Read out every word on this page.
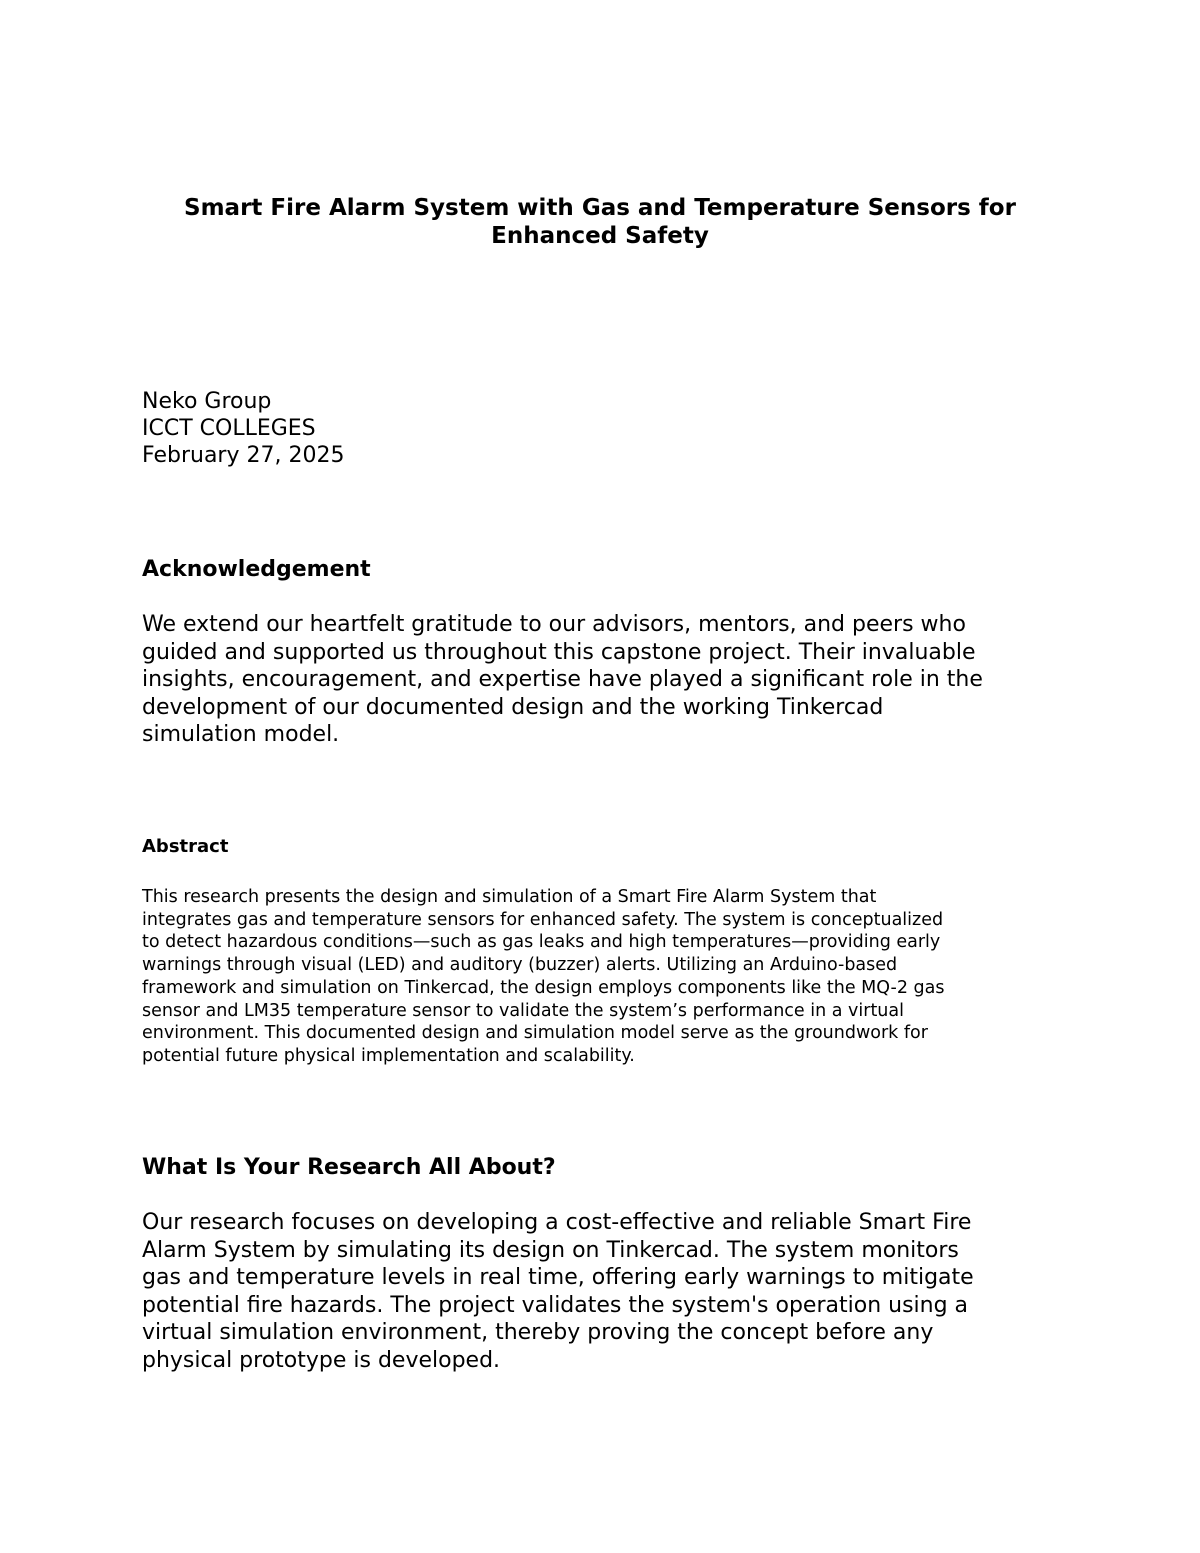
Smart Fire Alarm System with Gas and Temperature Sensors for
Enhanced Safety
Neko Group
ICCT COLLEGES
February 27, 2025
Acknowledgement
We extend our heartfelt gratitude to our advisors, mentors, and peers who
guided and supported us throughout this capstone project. Their invaluable
insights, encouragement, and expertise have played a significant role in the
development of our documented design and the working Tinkercad
simulation model.
Abstract
This research presents the design and simulation of a Smart Fire Alarm System that
integrates gas and temperature sensors for enhanced safety. The system is conceptualized
to detect hazardous conditions—such as gas leaks and high temperatures—providing early
warnings through visual (LED) and auditory (buzzer) alerts. Utilizing an Arduino-based
framework and simulation on Tinkercad, the design employs components like the MQ-2 gas
sensor and LM35 temperature sensor to validate the system’s performance in a virtual
environment. This documented design and simulation model serve as the groundwork for
potential future physical implementation and scalability.
What Is Your Research All About?
Our research focuses on developing a cost-effective and reliable Smart Fire
Alarm System by simulating its design on Tinkercad. The system monitors
gas and temperature levels in real time, offering early warnings to mitigate
potential fire hazards. The project validates the system's operation using a
virtual simulation environment, thereby proving the concept before any
physical prototype is developed.
